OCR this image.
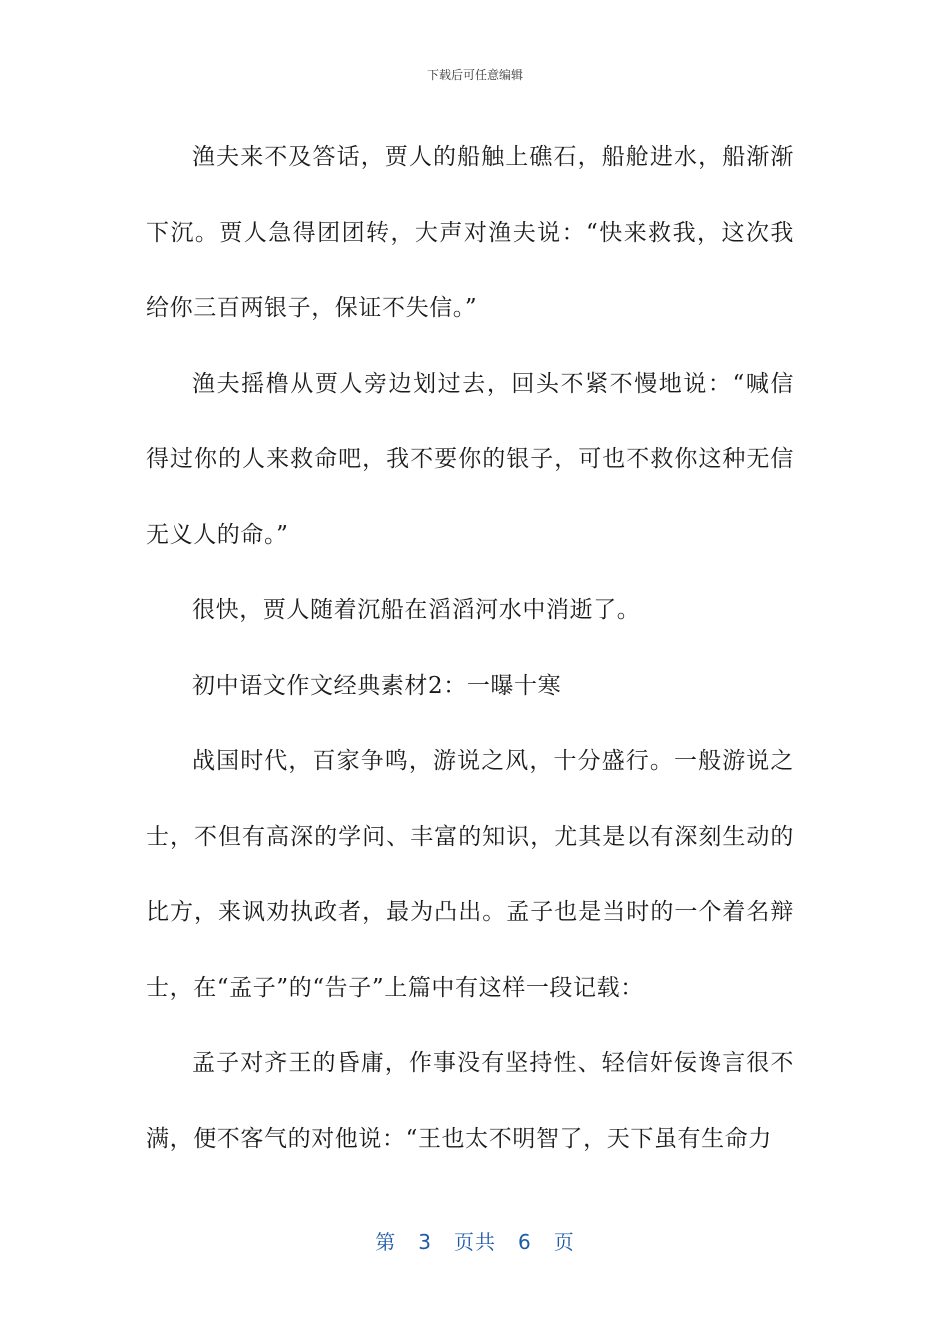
下载后可任意编辑

渔夫来不及答话，贾人的船触上礁石，船舱进水，船渐渐下沉。贾人急得团团转，大声对渔夫说：“快来救我，这次我给你三百两银子，保证不失信。”

渔夫摇橹从贾人旁边划过去，回头不紧不慢地说：“喊信得过你的人来救命吧，我不要你的银子，可也不救你这种无信无义人的命。”

很快，贾人随着沉船在滔滔河水中消逝了。

初中语文作文经典素材2：一曝十寒

战国时代，百家争鸣，游说之风，十分盛行。一般游说之士，不但有高深的学问、丰富的知识，尤其是以有深刻生动的比方，来讽劝执政者，最为凸出。孟子也是当时的一个着名辩士，在“孟子”的“告子”上篇中有这样一段记载：

孟子对齐王的昏庸，作事没有坚持性、轻信奸佞谗言很不满，便不客气的对他说：“王也太不明智了，天下虽有生命力

第 3 页共 6 页
